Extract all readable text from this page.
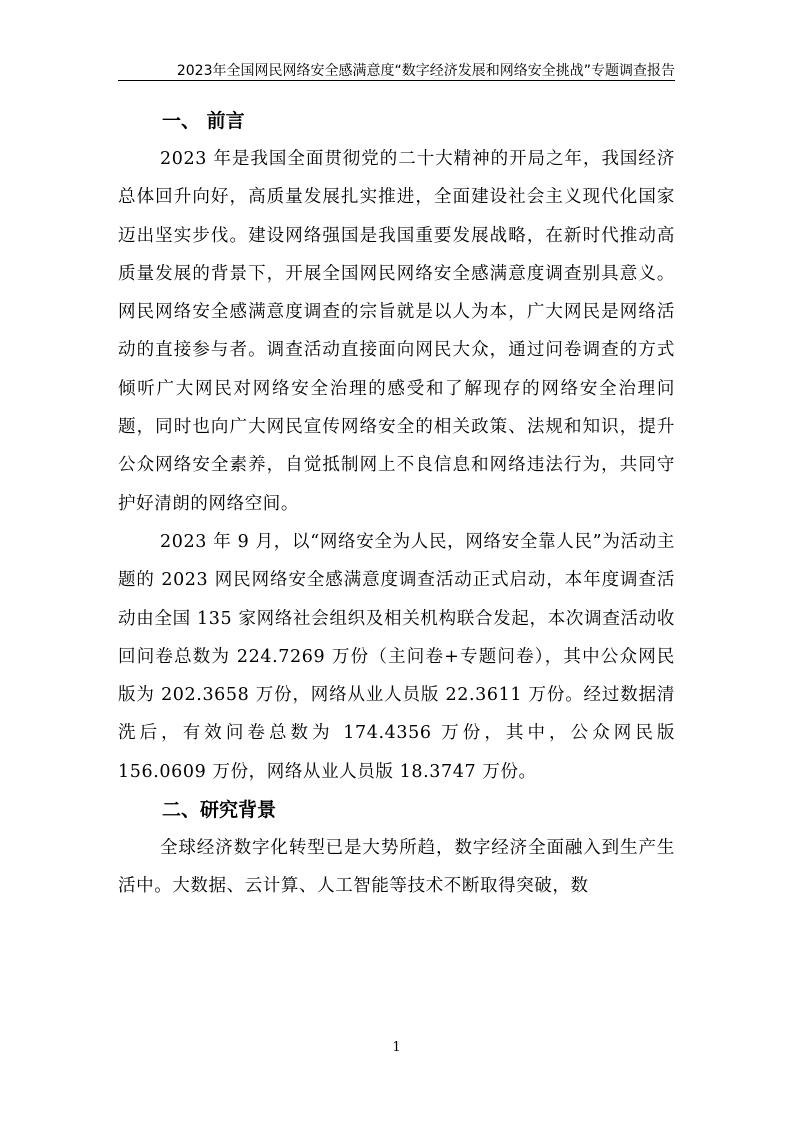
2023年全国网民网络安全感满意度“数字经济发展和网络安全挑战”专题调查报告
一、 前言

2023 年是我国全面贯彻党的二十大精神的开局之年，我国经济总体回升向好，高质量发展扎实推进，全面建设社会主义现代化国家迈出坚实步伐。建设网络强国是我国重要发展战略，在新时代推动高质量发展的背景下，开展全国网民网络安全感满意度调查别具意义。网民网络安全感满意度调查的宗旨就是以人为本，广大网民是网络活动的直接参与者。调查活动直接面向网民大众，通过问卷调查的方式倾听广大网民对网络安全治理的感受和了解现存的网络安全治理问题，同时也向广大网民宣传网络安全的相关政策、法规和知识，提升公众网络安全素养，自觉抵制网上不良信息和网络违法行为，共同守护好清朗的网络空间。

2023 年 9 月，以“网络安全为人民，网络安全靠人民”为活动主题的 2023 网民网络安全感满意度调查活动正式启动，本年度调查活动由全国 135 家网络社会组织及相关机构联合发起，本次调查活动收回问卷总数为 224.7269 万份（主问卷+专题问卷），其中公众网民版为 202.3658 万份，网络从业人员版 22.3611 万份。经过数据清洗后，有效问卷总数为 174.4356 万份，其中，公众网民版 156.0609 万份，网络从业人员版 18.3747 万份。

二、研究背景

全球经济数字化转型已是大势所趋，数字经济全面融入到生产生活中。大数据、云计算、人工智能等技术不断取得突破，数

1
